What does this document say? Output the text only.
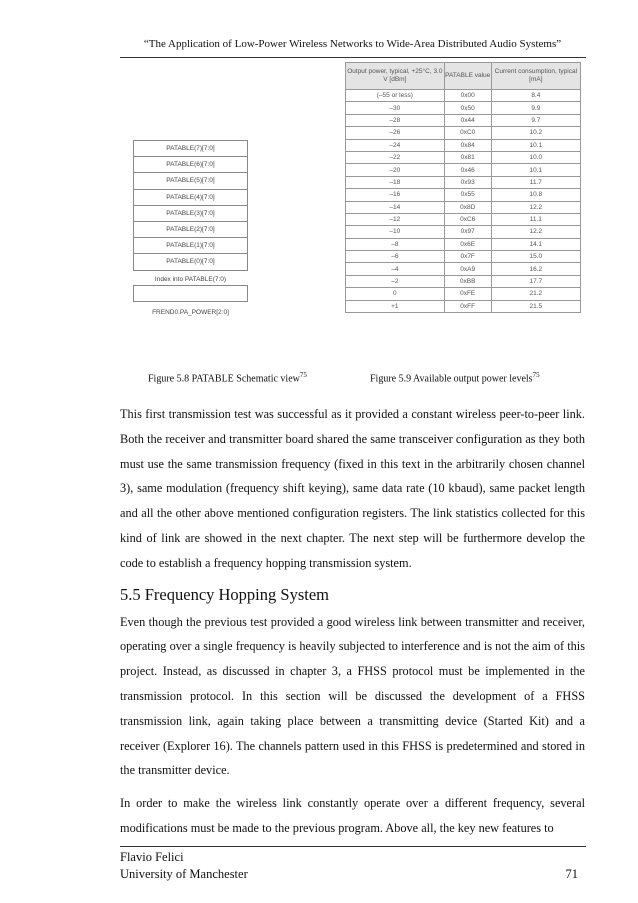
“The Application of Low-Power Wireless Networks to Wide-Area Distributed Audio Systems”
PATABLE(7)[7:0]
PATABLE(6)[7:0]
PATABLE(5)[7:0]
PATABLE(4)[7:0]
PATABLE(3)[7:0]
PATABLE(2)[7:0]
PATABLE(1)[7:0]
PATABLE(0)[7:0]
Index into PATABLE(7:0)
FREND0.PA_POWER[2:0]
Output power, typical, +25°C, 3.0 V [dBm]	PATABLE value	Current consumption, typical [mA]
(–55 or less)	0x00	8.4
–30	0x50	9.9
–28	0x44	9.7
–26	0xC0	10.2
–24	0x84	10.1
–22	0x81	10.0
–20	0x46	10.1
–18	0x93	11.7
–16	0x55	10.8
–14	0x8D	12.2
–12	0xC6	11.1
–10	0x97	12.2
–8	0x6E	14.1
–6	0x7F	15.0
–4	0xA9	16.2
–2	0xBB	17.7
0	0xFE	21.2
+1	0xFF	21.5
Figure 5.8 PATABLE Schematic view$^{75}$	Figure 5.9 Available output power levels$^{75}$

This first transmission test was successful as it provided a constant wireless peer-to-peer link. Both the receiver and transmitter board shared the same transceiver configuration as they both must use the same transmission frequency (fixed in this text in the arbitrarily chosen channel 3), same modulation (frequency shift keying), same data rate (10 kbaud), same packet length and all the other above mentioned configuration registers. The link statistics collected for this kind of link are showed in the next chapter. The next step will be furthermore develop the code to establish a frequency hopping transmission system.

5.5 Frequency Hopping System

Even though the previous test provided a good wireless link between transmitter and receiver, operating over a single frequency is heavily subjected to interference and is not the aim of this project. Instead, as discussed in chapter 3, a FHSS protocol must be implemented in the transmission protocol. In this section will be discussed the development of a FHSS transmission link, again taking place between a transmitting device (Started Kit) and a receiver (Explorer 16). The channels pattern used in this FHSS is predetermined and stored in the transmitter device.

In order to make the wireless link constantly operate over a different frequency, several modifications must be made to the previous program. Above all, the key new features to

Flavio Felici
University of Manchester	71
